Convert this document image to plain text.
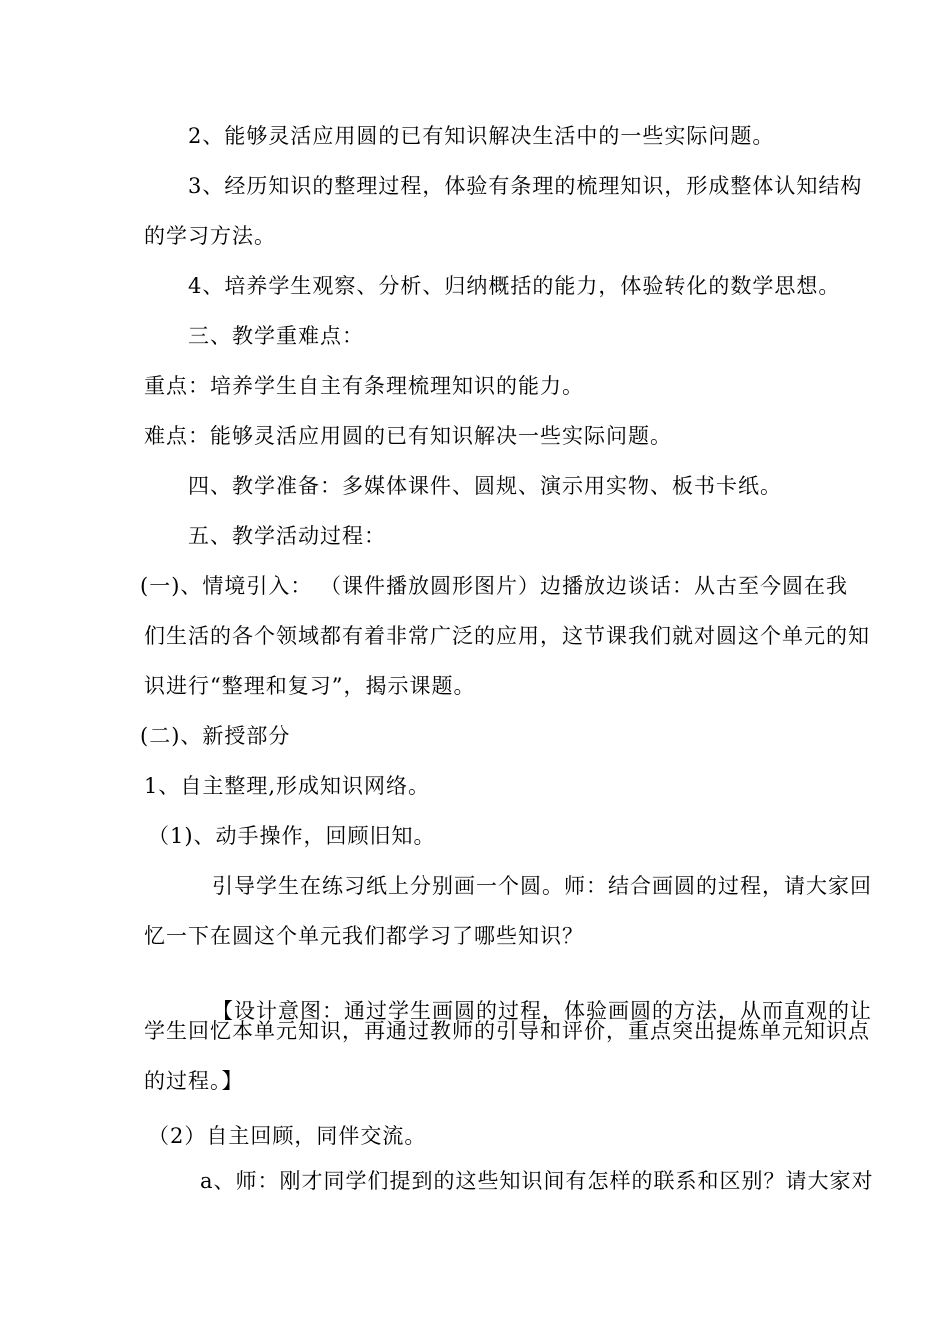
2、能够灵活应用圆的已有知识解决生活中的一些实际问题。
3、经历知识的整理过程，体验有条理的梳理知识，形成整体认知结构
的学习方法。
4、培养学生观察、分析、归纳概括的能力，体验转化的数学思想。
三、教学重难点：
重点：培养学生自主有条理梳理知识的能力。
难点：能够灵活应用圆的已有知识解决一些实际问题。
四、教学准备：多媒体课件、圆规、演示用实物、板书卡纸。
五、教学活动过程：
(一)、情境引入： （课件播放圆形图片）边播放边谈话：从古至今圆在我
们生活的各个领域都有着非常广泛的应用，这节课我们就对圆这个单元的知
识进行“整理和复习”，揭示课题。
(二)、新授部分
1、自主整理,形成知识网络。
（1)、动手操作，回顾旧知。
引导学生在练习纸上分别画一个圆。师：结合画圆的过程，请大家回
忆一下在圆这个单元我们都学习了哪些知识？
【设计意图：通过学生画圆的过程，体验画圆的方法，从而直观的让
学生回忆本单元知识，再通过教师的引导和评价，重点突出提炼单元知识点
的过程。】
（2）自主回顾，同伴交流。
a、师：刚才同学们提到的这些知识间有怎样的联系和区别？请大家对
